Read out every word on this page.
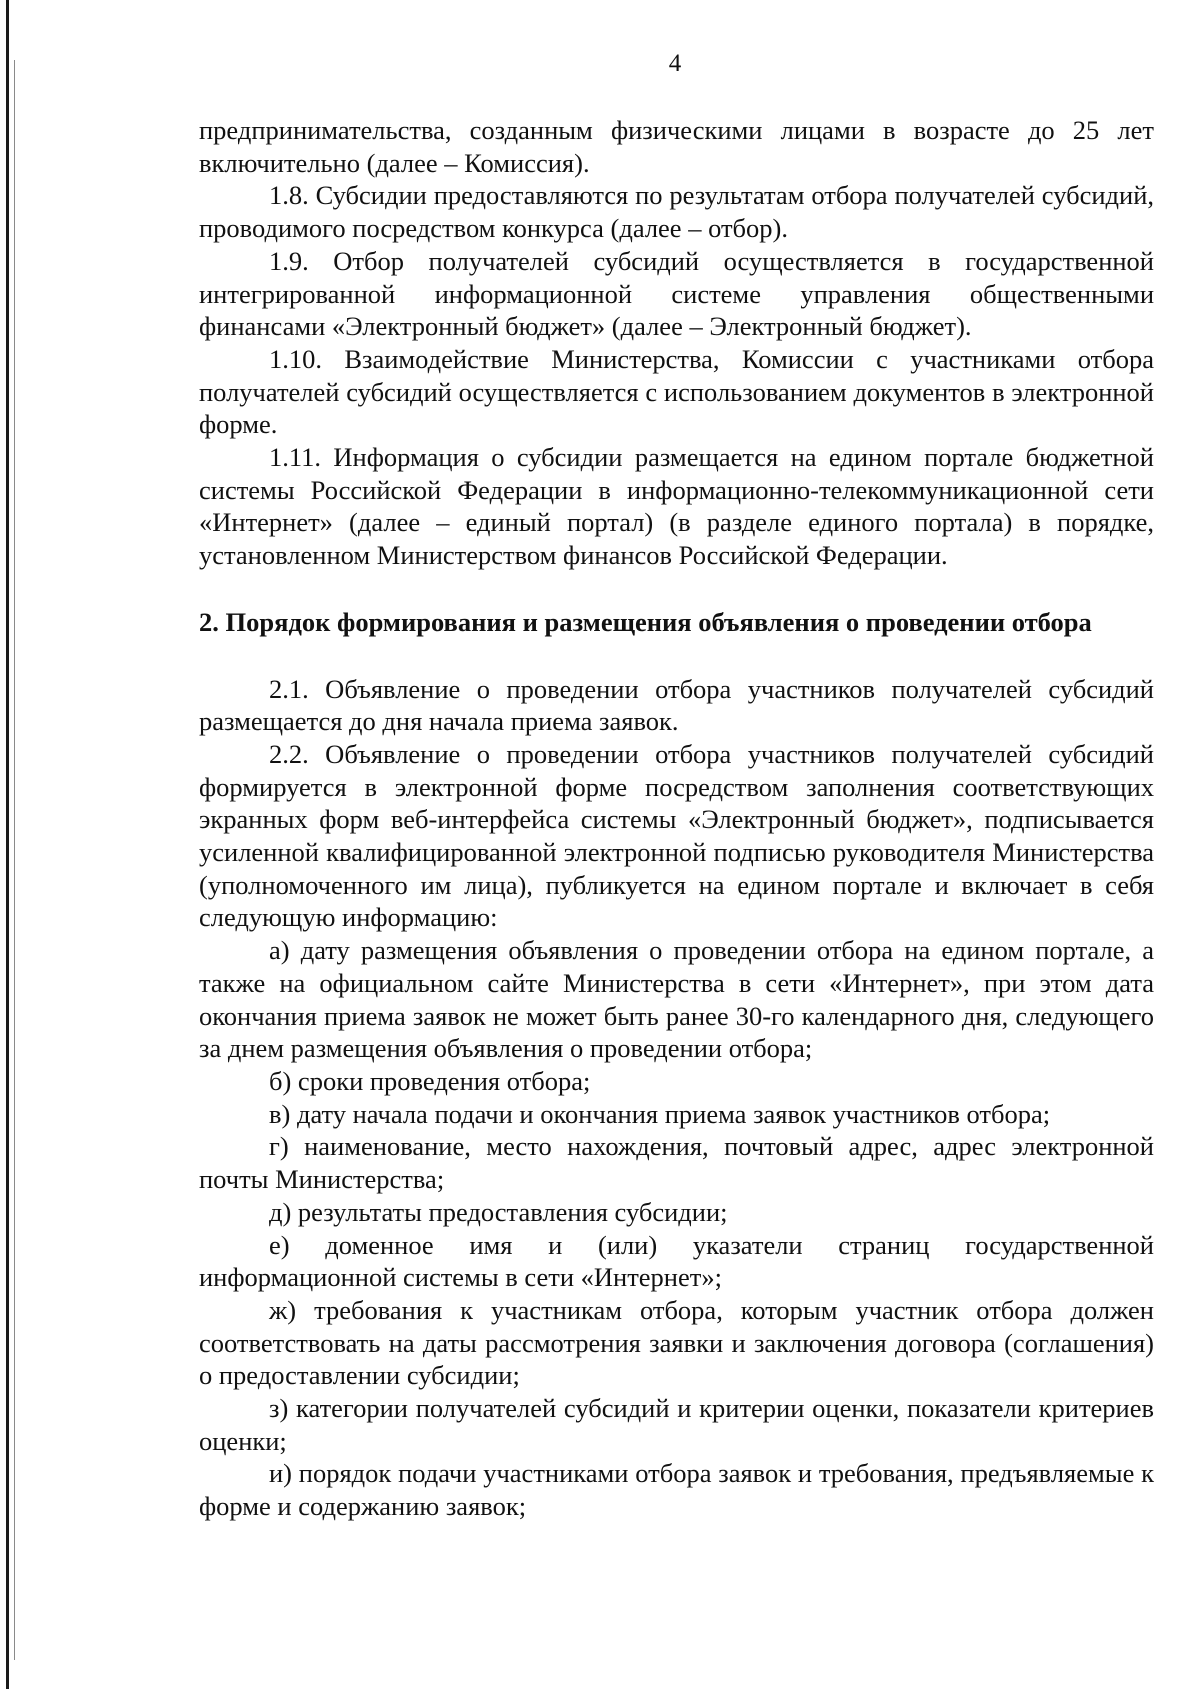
4

предпринимательства, созданным физическими лицами в возрасте до 25 лет включительно (далее – Комиссия).

1.8. Субсидии предоставляются по результатам отбора получателей субсидий, проводимого посредством конкурса (далее – отбор).

1.9. Отбор получателей субсидий осуществляется в государственной интегрированной информационной системе управления общественными финансами «Электронный бюджет» (далее – Электронный бюджет).

1.10. Взаимодействие Министерства, Комиссии с участниками отбора получателей субсидий осуществляется с использованием документов в электронной форме.

1.11. Информация о субсидии размещается на едином портале бюджетной системы Российской Федерации в информационно-телекоммуникационной сети «Интернет» (далее – единый портал) (в разделе единого портала) в порядке, установленном Министерством финансов Российской Федерации.

2. Порядок формирования и размещения объявления о проведении отбора

2.1. Объявление о проведении отбора участников получателей субсидий размещается до дня начала приема заявок.

2.2. Объявление о проведении отбора участников получателей субсидий формируется в электронной форме посредством заполнения соответствующих экранных форм веб-интерфейса системы «Электронный бюджет», подписывается усиленной квалифицированной электронной подписью руководителя Министерства (уполномоченного им лица), публикуется на едином портале и включает в себя следующую информацию:

а) дату размещения объявления о проведении отбора на едином портале, а также на официальном сайте Министерства в сети «Интернет», при этом дата окончания приема заявок не может быть ранее 30-го календарного дня, следующего за днем размещения объявления о проведении отбора;

б) сроки проведения отбора;

в) дату начала подачи и окончания приема заявок участников отбора;

г) наименование, место нахождения, почтовый адрес, адрес электронной почты Министерства;

д) результаты предоставления субсидии;

е) доменное имя и (или) указатели страниц государственной информационной системы в сети «Интернет»;

ж) требования к участникам отбора, которым участник отбора должен соответствовать на даты рассмотрения заявки и заключения договора (соглашения) о предоставлении субсидии;

з) категории получателей субсидий и критерии оценки, показатели критериев оценки;

и) порядок подачи участниками отбора заявок и требования, предъявляемые к форме и содержанию заявок;
